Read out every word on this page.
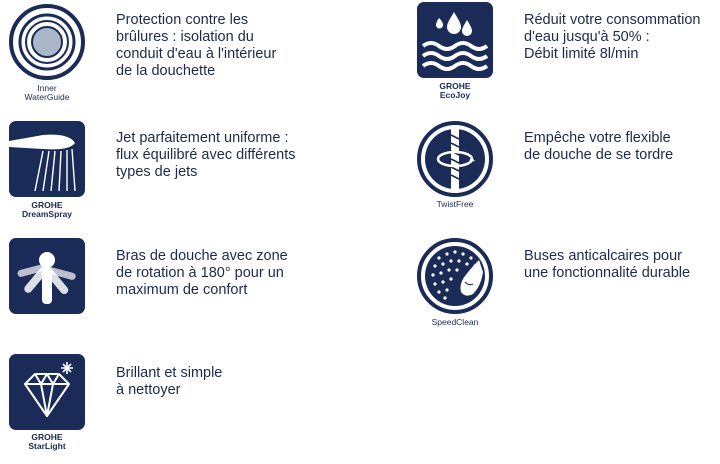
Inner
WaterGuide
Protection contre les
brûlures : isolation du
conduit d'eau à l'intérieur
de la douchette
GROHE
EcoJoy
Réduit votre consommation
d'eau jusqu'à 50% :
Débit limité 8l/min
GROHE
DreamSpray
Jet parfaitement uniforme :
flux équilibré avec différents
types de jets
TwistFree
Empêche votre flexible
de douche de se tordre
Bras de douche avec zone
de rotation à 180° pour un
maximum de confort
SpeedClean
Buses anticalcaires pour
une fonctionnalité durable
GROHE
StarLight
Brillant et simple
à nettoyer
